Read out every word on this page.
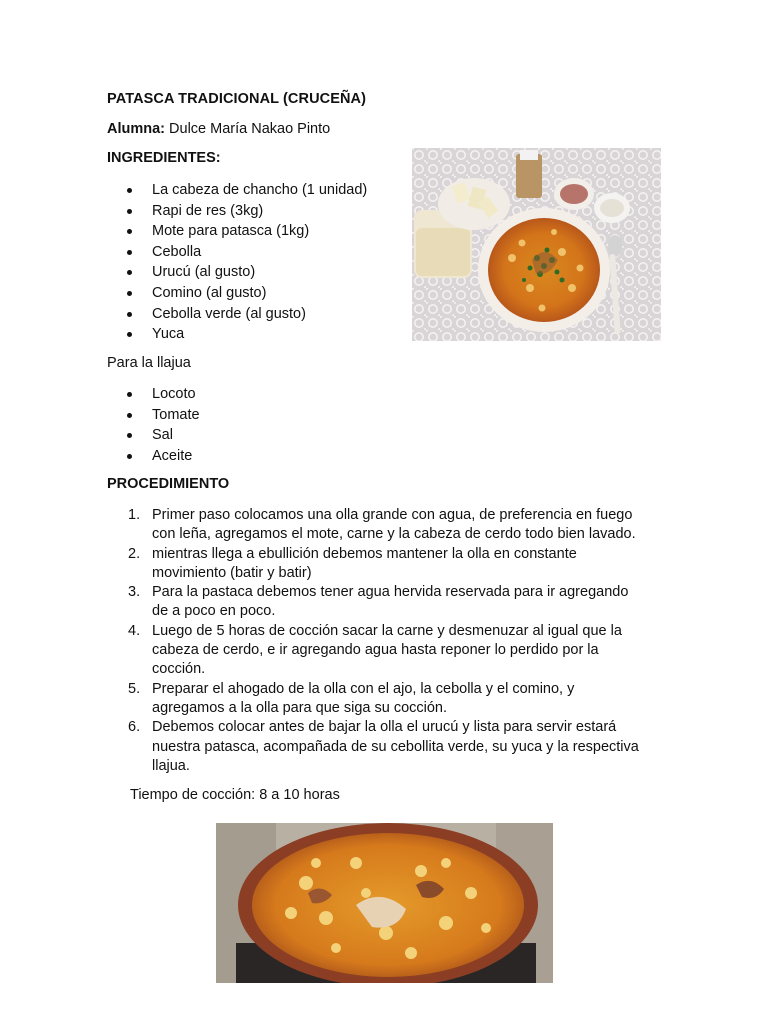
PATASCA TRADICIONAL (CRUCEÑA)
Alumna: Dulce María Nakao Pinto
INGREDIENTES:
La cabeza de chancho (1 unidad)
Rapi de res (3kg)
Mote para patasca (1kg)
Cebolla
Urucú (al gusto)
Comino (al gusto)
Cebolla verde (al gusto)
Yuca
Para la llajua
Locoto
Tomate
Sal
Aceite
PROCEDIMIENTO
1. Primer paso colocamos una olla grande con agua, de preferencia en fuego
con leña, agregamos el mote, carne y la cabeza de cerdo todo bien lavado.
2. mientras llega a ebullición debemos mantener la olla en constante
movimiento (batir y batir)
3. Para la pastaca debemos tener agua hervida reservada para ir agregando
de a poco en poco.
4. Luego de 5 horas de cocción sacar la carne y desmenuzar al igual que la
cabeza de cerdo, e ir agregando agua hasta reponer lo perdido por la
cocción.
5. Preparar el ahogado de la olla con el ajo, la cebolla y el comino, y
agregamos a la olla para que siga su cocción.
6. Debemos colocar antes de bajar la olla el urucú y lista para servir estará
nuestra patasca, acompañada de su cebollita verde, su yuca y la respectiva
llajua.
Tiempo de cocción: 8 a 10 horas
